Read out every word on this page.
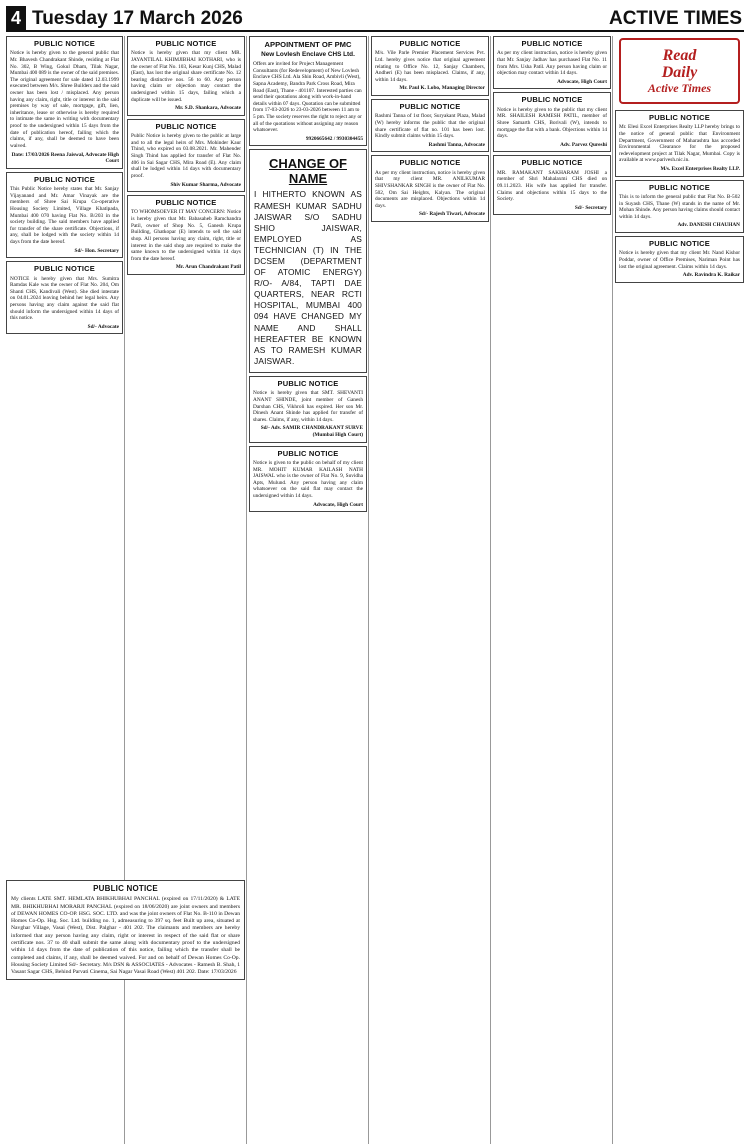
4 Tuesday 17 March 2026	ACTIVE TIMES
PUBLIC NOTICE
Notice is hereby given to the general public that Mr. Bhavesh Chandrakant Shinde, residing at Flat No. 302, B Wing, Gokul Dham, Tilak Nagar, Mumbai 400 089 is the owner of the said premises. The original agreement for sale dated 12.03.1999 executed between M/s. Shree Builders and the said owner has been lost / misplaced. Any person having any claim, right, title or interest in the said premises by way of sale, mortgage, gift, lien, inheritance, lease or otherwise is hereby required to intimate the same in writing with documentary proof to the undersigned within 15 days from the date of publication hereof, failing which the claims, if any, shall be deemed to have been waived.
Date: 17/03/2026 Reena Jaiswal, Advocate High Court
PUBLIC NOTICE
This Public Notice hereby states that Mr. Sanjay Vijayanand and Mr. Amar Vinayak are the members of Shree Sai Krupa Co-operative Housing Society Limited, Village Khatipada, Mumbai 400 070 having Flat No. B/203 in the society building. The said members have applied for transfer of the share certificate. Objections, if any, shall be lodged with the society within 14 days from the date hereof.
Sd/- Hon. Secretary
PUBLIC NOTICE
NOTICE is hereby given that Mrs. Sumitra Ramdas Kale was the owner of Flat No. 204, Om Shanti CHS, Kandivali (West). She died intestate on 04.01.2024 leaving behind her legal heirs. Any persons having any claim against the said flat should inform the undersigned within 14 days of this notice.
Sd/- Advocate
PUBLIC NOTICE
Notice is hereby given that my client MR. JAYANTILAL KHIMJIBHAI KOTHARI, who is the owner of Flat No. 103, Kesar Kunj CHS, Malad (East), has lost the original share certificate No. 12 bearing distinctive nos. 56 to 60. Any person having claim or objection may contact the undersigned within 15 days, failing which a duplicate will be issued.
Mr. S.D. Shankara, Advocate
PUBLIC NOTICE
Public Notice is hereby given to the public at large and to all the legal heirs of Mrs. Mohinder Kaur Thind, who expired on 03.08.2021. Mr. Mahender Singh Thind has applied for transfer of Flat No. 406 in Sai Sagar CHS, Mira Road (E). Any claim shall be lodged within 14 days with documentary proof.
Shiv Kumar Sharma, Advocate
PUBLIC NOTICE
TO WHOMSOEVER IT MAY CONCERN: Notice is hereby given that Mr. Babasaheb Ramchandra Patil, owner of Shop No. 5, Ganesh Krupa Building, Ghatkopar (E) intends to sell the said shop. All persons having any claim, right, title or interest in the said shop are required to make the same known to the undersigned within 14 days from the date hereof.
Mr. Arun Chandrakant Patil
APPOINTMENT OF PMC
New Lovlesh Enclave CHS Ltd.
Offers are invited for Project Management Consultants (for Redevelopment) of New Lovlesh Enclave CHS Ltd. Ala Shin Road, Ambivli (West), Sapna Academy, Bandra Park Cross Road, Mira Road (East), Thane - 401107. Interested parties can send their quotations along with work-in-hand details within 07 days. Quotation can be submitted from 17-03-2026 to 23-03-2026 between 11 am to 5 pm. The society reserves the right to reject any or all of the quotations without assigning any reason whatsoever.
9920665642 / 9930304455
CHANGE OF NAME
I HITHERTO KNOWN AS RAMESH KUMAR SADHU JAISWAR S/O SADHU SHIO JAISWAR, EMPLOYED AS TECHNICIAN (T) IN THE DCSEM (DEPARTMENT OF ATOMIC ENERGY) R/O- A/84, TAPTI DAE QUARTERS, NEAR RCTI HOSPITAL, MUMBAI 400 094 HAVE CHANGED MY NAME AND SHALL HEREAFTER BE KNOWN AS TO RAMESH KUMAR JAISWAR.
PUBLIC NOTICE
Notice is hereby given that SMT. SHEVANTI ANANT SHINDE, joint member of Ganesh Darshan CHS, Vikhroli has expired. Her son Mr. Dinesh Anant Shinde has applied for transfer of shares. Claims, if any, within 14 days.
Sd/- Adv. SAMIR CHANDRAKANT SURVE (Mumbai High Court)
PUBLIC NOTICE
Notice is given to the public on behalf of my client MR. MOHIT KUMAR KAILASH NATH JAISWAL who is the owner of Flat No. 9, Suvidha Apts, Mulund. Any person having any claim whatsoever on the said flat may contact the undersigned within 14 days.
Advocate, High Court
PUBLIC NOTICE
M/s. Vile Parle Premier Placement Services Pvt. Ltd. hereby gives notice that original agreement relating to Office No. 12, Sanjay Chambers, Andheri (E) has been misplaced. Claims, if any, within 14 days.
Mr. Paul K. Lobo, Managing Director
PUBLIC NOTICE
Rashmi Tanna of 1st floor, Suryakant Plaza, Malad (W) hereby informs the public that the original share certificate of flat no. 101 has been lost. Kindly submit claims within 15 days.
Rashmi Tanna, Advocate
PUBLIC NOTICE
As per my client instruction, notice is hereby given that my client MR. ANILKUMAR SHIVSHANKAR SINGH is the owner of Flat No. 502, Om Sai Heights, Kalyan. The original documents are misplaced. Objections within 14 days.
Sd/- Rajesh Tiwari, Advocate
PUBLIC NOTICE
As per my client instruction, notice is hereby given that Mr. Sanjay Jadhav has purchased Flat No. 11 from Mrs. Usha Patil. Any person having claim or objection may contact within 14 days.
Advocate, High Court
PUBLIC NOTICE
Notice is hereby given to the public that my client MR. SHAILESH RAMESH PATIL, member of Shree Samarth CHS, Borivali (W), intends to mortgage the flat with a bank. Objections within 14 days.
Adv. Parvez Qureshi
PUBLIC NOTICE
MR. RAMAKANT SAKHARAM JOSHI a member of Shri Mahalaxmi CHS died on 09.11.2023. His wife has applied for transfer. Claims and objections within 15 days to the Society.
Sd/- Secretary
Read
Daily
Active Times
PUBLIC NOTICE
Mr. Elesi Excel Enterprises Realty LLP hereby brings to the notice of general public that Environment Department, Government of Maharashtra has accorded Environmental Clearance for the proposed redevelopment project at Tilak Nagar, Mumbai. Copy is available at www.parivesh.nic.in.
M/s. Excel Enterprises Realty LLP.
PUBLIC NOTICE
This is to inform the general public that Flat No. B-502 in Suyash CHS, Thane (W) stands in the name of Mr. Mohan Shinde. Any person having claims should contact within 14 days.
Adv. DANESH CHAUHAN
PUBLIC NOTICE
Notice is hereby given that my client Mr. Nand Kishor Poddar, owner of Office Premises, Nariman Point has lost the original agreement. Claims within 14 days.
Adv. Ravindra K. Raikar
PUBLIC NOTICE
My clients LATE SMT. HEMLATA BHIKHUBHAI PANCHAL (expired on 17/11/2020) & LATE MR. BHIKHUBHAI MORARJI PANCHAL (expired on 18/06/2020) are joint owners and members of DEWAN HOMES CO-OP. HSG. SOC. LTD. and was the joint owners of Flat No. B-110 in Dewan Homes Co-Op. Hsg. Soc. Ltd. building no. 1, admeasuring to 397 sq. feet Built up area, situated at Navghar Village, Vasai (West), Dist. Palghar - 401 202. The claimants and members are hereby informed that any person having any claim, right or interest in respect of the said flat or share certificate nos. 37 to 40 shall submit the same along with documentary proof to the undersigned within 14 days from the date of publication of this notice, failing which the transfer shall be completed and claims, if any, shall be deemed waived. For and on behalf of Dewan Homes Co-Op. Housing Society Limited Sd/- Secretary. M/s DSN & ASSOCIATES - Advocates - Ramesh B. Shah, 1 Vasant Sagar CHS, Behind Parvati Cinema, Sai Nagar Vasai Road (West) 401 202. Date: 17/03/2026
